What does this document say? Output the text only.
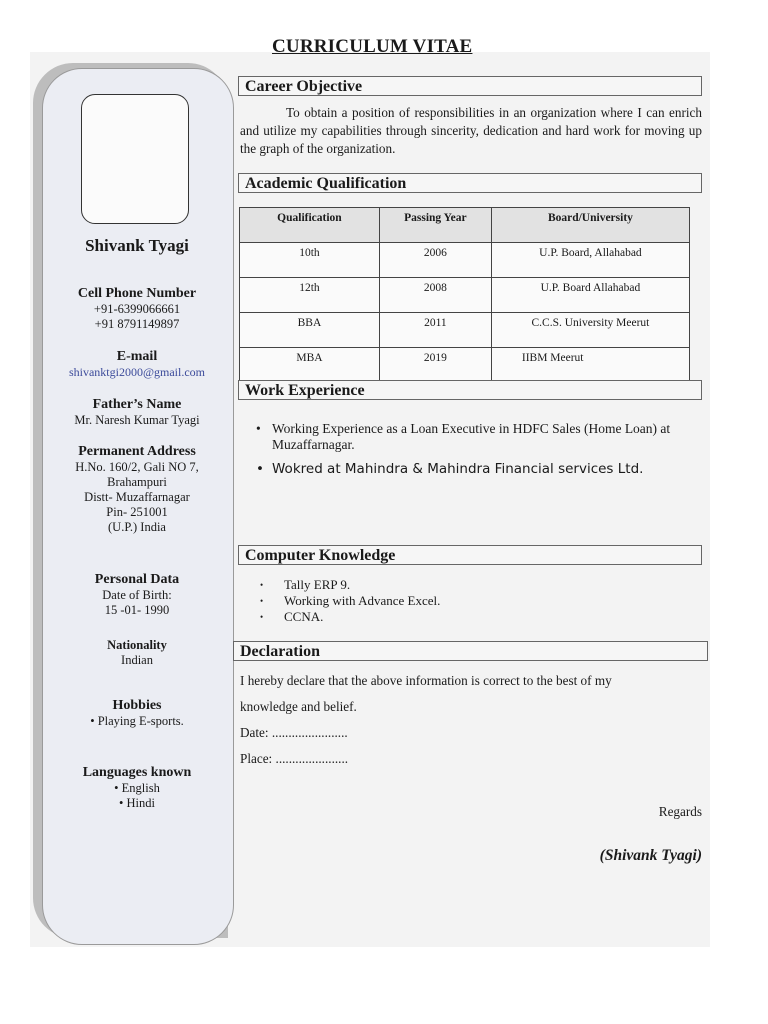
CURRICULUM VITAE
Shivank Tyagi
Cell Phone Number
+91-6399066661
+91 8791149897
E-mail
shivanktgi2000@gmail.com
Father’s Name
Mr. Naresh Kumar Tyagi
Permanent Address
H.No. 160/2, Gali NO 7,
Brahampuri
Distt- Muzaffarnagar
Pin- 251001
(U.P.) India
Personal Data
Date of Birth:
15 -01- 1990
Nationality
Indian
Hobbies
• Playing E-sports.
Languages known
• English
• Hindi
Career Objective
To obtain a position of responsibilities in an organization where I can enrich and utilize my capabilities through sincerity, dedication and hard work for moving up the graph of the organization.
Academic Qualification
Qualification	Passing Year	Board/University
10th	2006	U.P. Board, Allahabad
12th	2008	U.P. Board Allahabad
BBA	2011	C.C.S. University Meerut
MBA	2019	IIBM Meerut
Work Experience
• Working Experience as a Loan Executive in HDFC Sales (Home Loan) at Muzaffarnagar.
• Wokred at Mahindra & Mahindra Financial services Ltd.
Computer Knowledge
• Tally ERP 9.
• Working with Advance Excel.
• CCNA.
Declaration
I hereby declare that the above information is correct to the best of my
knowledge and belief.
Date: .......................
Place: ......................
Regards
(Shivank Tyagi)
